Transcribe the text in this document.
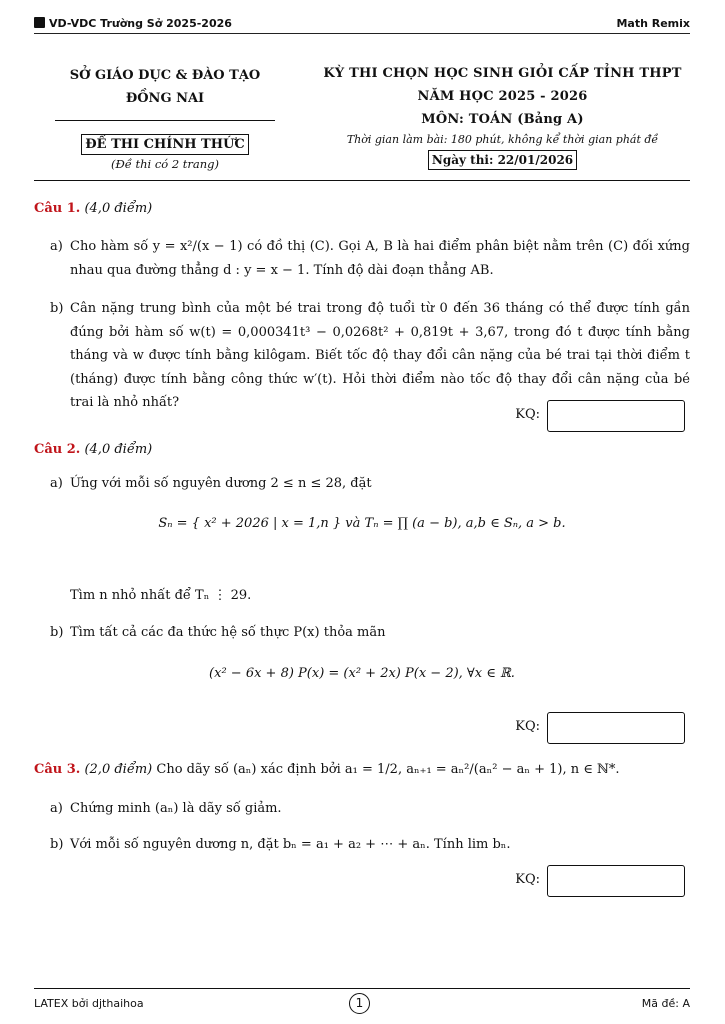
VD-VDC Trường Sở 2025-2026	Math Remix
SỞ GIÁO DỤC & ĐÀO TẠO
ĐỒNG NAI
ĐỀ THI CHÍNH THỨC
(Đề thi có 2 trang)
KỲ THI CHỌN HỌC SINH GIỎI CẤP TỈNH THPT
NĂM HỌC 2025 - 2026
MÔN: TOÁN (Bảng A)
Thời gian làm bài: 180 phút, không kể thời gian phát đề
Ngày thi: 22/01/2026
Câu 1. (4,0 điểm)
a) Cho hàm số y = x²/(x − 1) có đồ thị (C). Gọi A, B là hai điểm phân biệt nằm trên (C) đối xứng nhau qua đường thẳng d : y = x − 1. Tính độ dài đoạn thẳng AB.
b) Cân nặng trung bình của một bé trai trong độ tuổi từ 0 đến 36 tháng có thể được tính gần đúng bởi hàm số w(t) = 0,000341t³ − 0,0268t² + 0,819t + 3,67, trong đó t được tính bằng tháng và w được tính bằng kilôgam. Biết tốc độ thay đổi cân nặng của bé trai tại thời điểm t (tháng) được tính bằng công thức w′(t). Hỏi thời điểm nào tốc độ thay đổi cân nặng của bé trai là nhỏ nhất?
KQ:
Câu 2. (4,0 điểm)
a) Ứng với mỗi số nguyên dương 2 ≤ n ≤ 28, đặt
Sₙ = { x² + 2026 | x = 1,n } và Tₙ = ∏ (a − b), a,b ∈ Sₙ, a > b.
Tìm n nhỏ nhất để Tₙ ⋮ 29.
b) Tìm tất cả các đa thức hệ số thực P(x) thỏa mãn
(x² − 6x + 8) P(x) = (x² + 2x) P(x − 2), ∀x ∈ ℝ.
KQ:
Câu 3. (2,0 điểm) Cho dãy số (aₙ) xác định bởi a₁ = 1/2, aₙ₊₁ = aₙ²/(aₙ² − aₙ + 1), n ∈ ℕ*.
a) Chứng minh (aₙ) là dãy số giảm.
b) Với mỗi số nguyên dương n, đặt bₙ = a₁ + a₂ + ⋯ + aₙ. Tính lim bₙ.
KQ:
LATEX bởi djthaihoa	1	Mã đề: A
